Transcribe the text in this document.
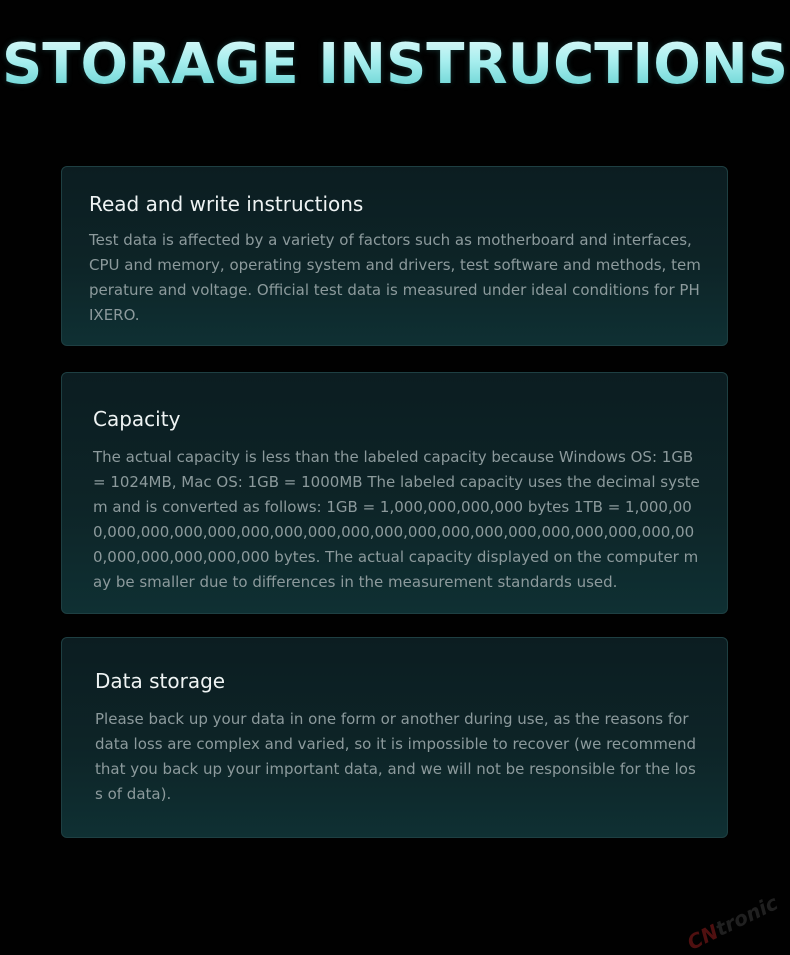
STORAGE INSTRUCTIONS
Read and write instructions

Test data is affected by a variety of factors such as motherboard and interfaces, CPU and memory, operating system and drivers, test software and methods, temperature and voltage. Official test data is measured under ideal conditions for PHIXERO.

Capacity

The actual capacity is less than the labeled capacity because Windows OS: 1GB = 1024MB, Mac OS: 1GB = 1000MB The labeled capacity uses the decimal system and is converted as follows: 1GB = 1,000,000,000,000 bytes 1TB = 1,000,000,000,000,000,000,000,000,000,000,000,000,000,000,000,000,000,000,000,000,000,000,000,000,000 bytes. The actual capacity displayed on the computer may be smaller due to differences in the measurement standards used.

Data storage

Please back up your data in one form or another during use, as the reasons for data loss are complex and varied, so it is impossible to recover (we recommend that you back up your important data, and we will not be responsible for the loss of data).

CNtronic
